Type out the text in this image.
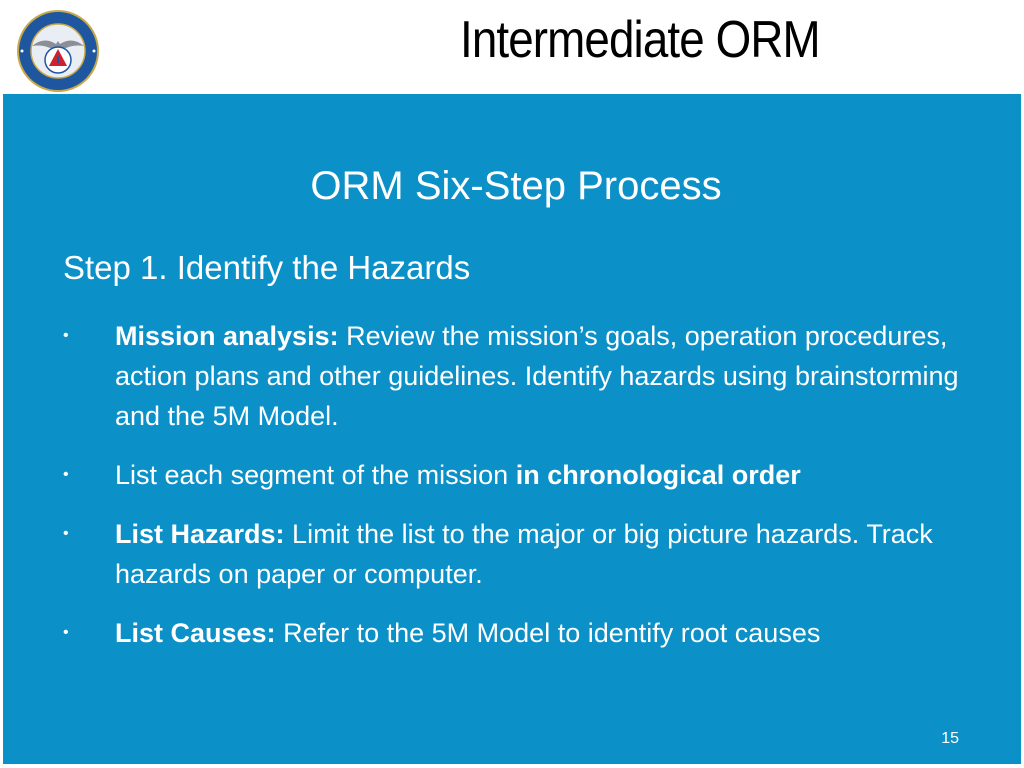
Intermediate ORM
ORM Six-Step Process
Step 1. Identify the Hazards
•	Mission analysis: Review the mission’s goals, operation procedures, action plans and other guidelines. Identify hazards using brainstorming and the 5M Model.
•	List each segment of the mission in chronological order
•	List Hazards: Limit the list to the major or big picture hazards. Track hazards on paper or computer.
•	List Causes: Refer to the 5M Model to identify root causes
15
